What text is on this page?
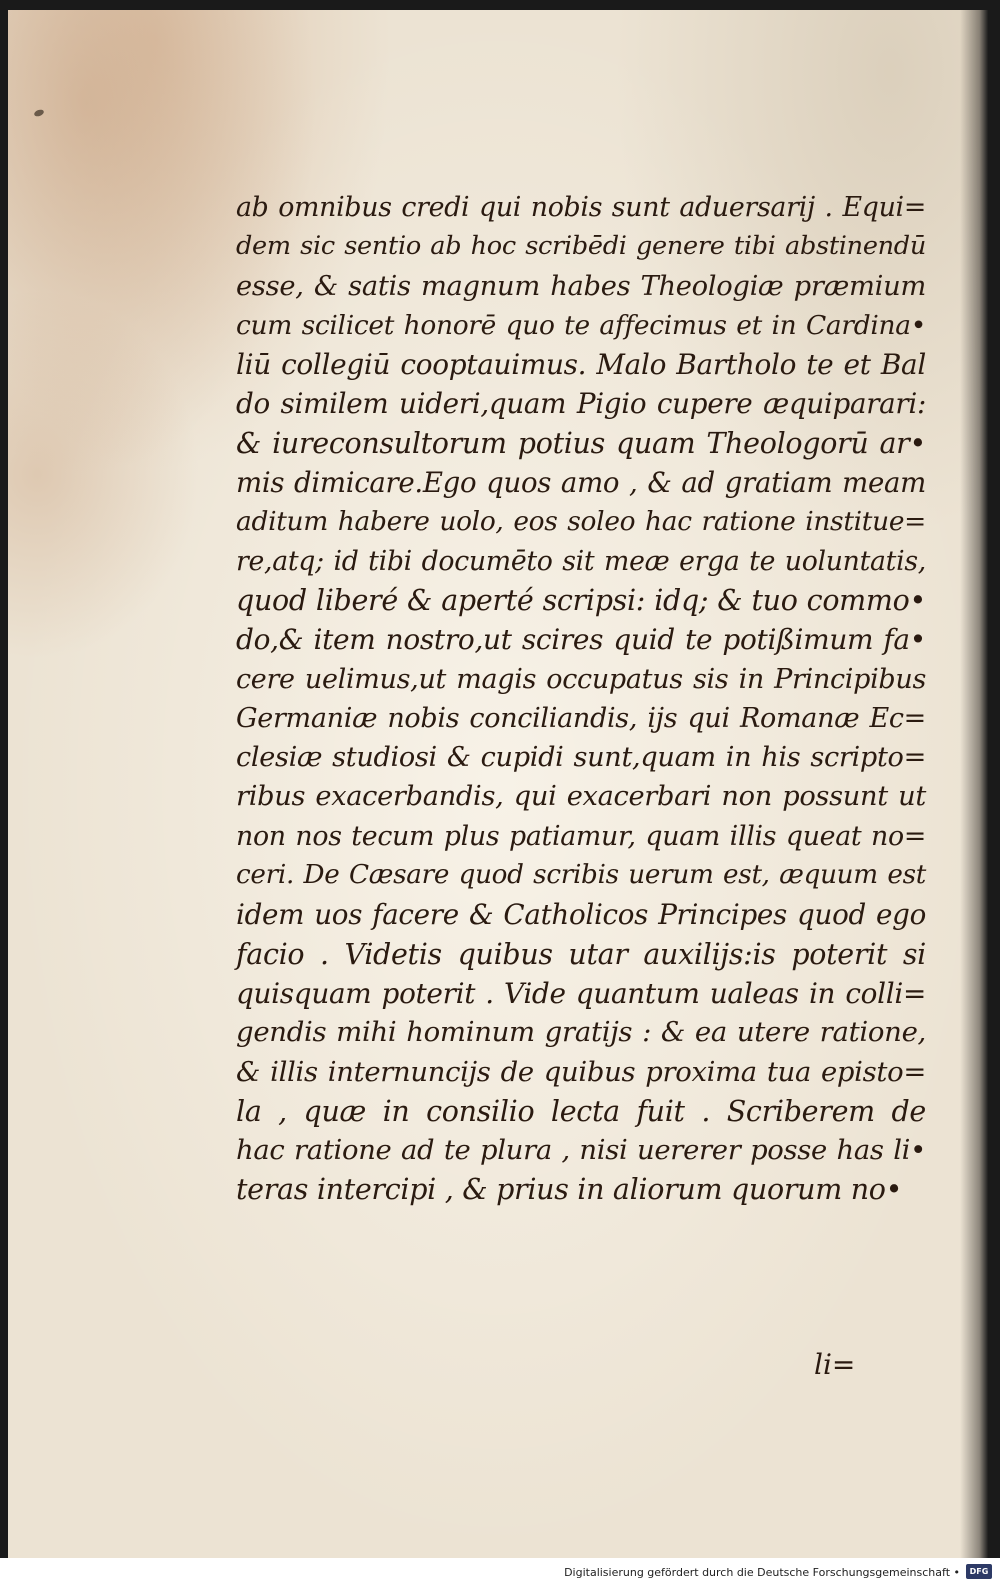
ab omnibus credi qui nobis sunt aduersarij . Equi=
dem sic sentio ab hoc scribēdi genere tibi abstinendū
esse, & satis magnum habes Theologiæ præmium
cum scilicet honorē quo te affecimus et in Cardina•
liū collegiū cooptauimus. Malo Bartholo te et Bal
do similem uideri,quam Pigio cupere æquiparari:
& iureconsultorum potius quam Theologorū ar•
mis dimicare.Ego quos amo , & ad gratiam meam
aditum habere uolo, eos soleo hac ratione institue=
re,atq; id tibi documēto sit meæ erga te uoluntatis,
quod liberé & aperté scripsi: idq; & tuo commo•
do,& item nostro,ut scires quid te potißimum fa•
cere uelimus,ut magis occupatus sis in Principibus
Germaniæ nobis conciliandis, ijs qui Romanæ Ec=
clesiæ studiosi & cupidi sunt,quam in his scripto=
ribus exacerbandis, qui exacerbari non possunt ut
non nos tecum plus patiamur, quam illis queat no=
ceri. De Cæsare quod scribis uerum est, æquum est
idem uos facere & Catholicos Principes quod ego
facio . Videtis quibus utar auxilijs:is poterit si
quisquam poterit . Vide quantum ualeas in colli=
gendis mihi hominum gratijs : & ea utere ratione,
& illis internuncijs de quibus proxima tua episto=
la , quæ in consilio lecta fuit . Scriberem de
hac ratione ad te plura , nisi uererer posse has li•
teras intercipi , & prius in aliorum quorum no•
li=
Digitalisierung gefördert durch die Deutsche Forschungsgemeinschaft •	DFG
